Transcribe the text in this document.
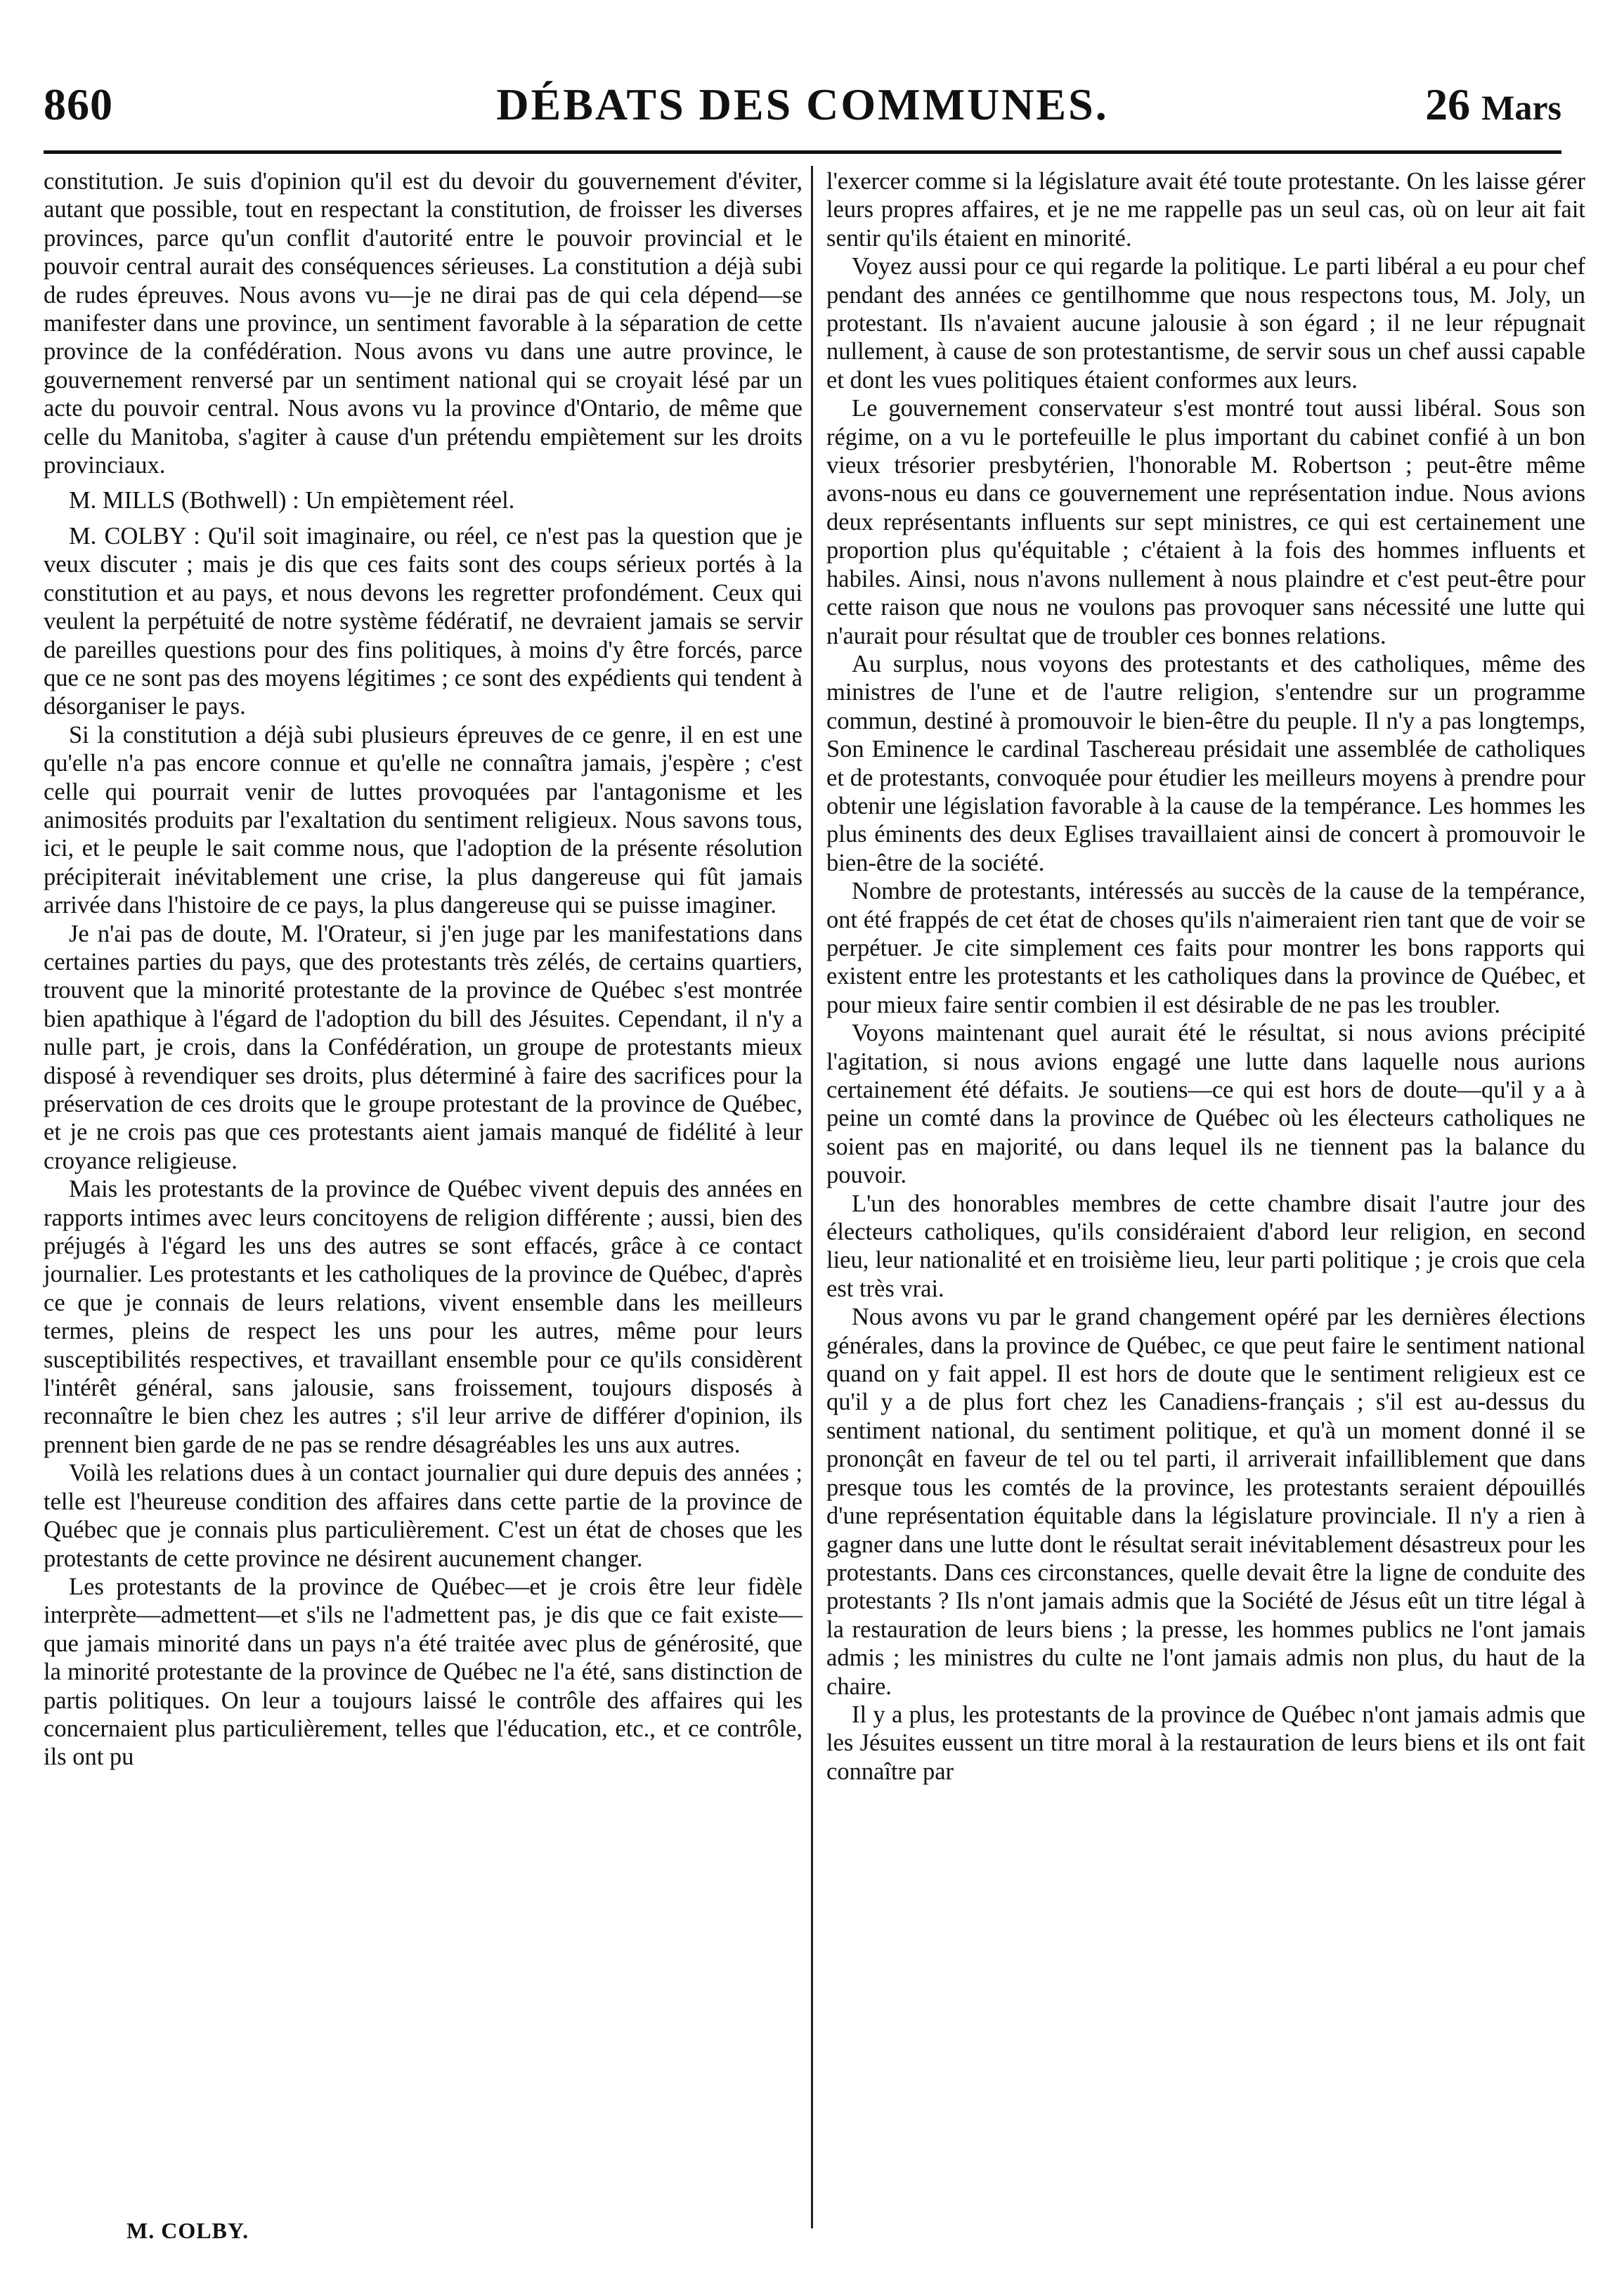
860	DÉBATS DES COMMUNES.	26 Mars

constitution. Je suis d'opinion qu'il est du devoir du gouvernement d'éviter, autant que possible, tout en respectant la constitution, de froisser les diverses provinces, parce qu'un conflit d'autorité entre le pouvoir provincial et le pouvoir central aurait des conséquences sérieuses. La constitution a déjà subi de rudes épreuves. Nous avons vu—je ne dirai pas de qui cela dépend—se manifester dans une province, un sentiment favorable à la séparation de cette province de la confédération. Nous avons vu dans une autre province, le gouvernement renversé par un sentiment national qui se croyait lésé par un acte du pouvoir central. Nous avons vu la province d'Ontario, de même que celle du Manitoba, s'agiter à cause d'un prétendu empiètement sur les droits provinciaux.

M. MILLS (Bothwell) : Un empiètement réel.

M. COLBY : Qu'il soit imaginaire, ou réel, ce n'est pas la question que je veux discuter ; mais je dis que ces faits sont des coups sérieux portés à la constitution et au pays, et nous devons les regretter profondément. Ceux qui veulent la perpétuité de notre système fédératif, ne devraient jamais se servir de pareilles questions pour des fins politiques, à moins d'y être forcés, parce que ce ne sont pas des moyens légitimes ; ce sont des expédients qui tendent à désorganiser le pays.

Si la constitution a déjà subi plusieurs épreuves de ce genre, il en est une qu'elle n'a pas encore connue et qu'elle ne connaîtra jamais, j'espère ; c'est celle qui pourrait venir de luttes provoquées par l'antagonisme et les animosités produits par l'exaltation du sentiment religieux. Nous savons tous, ici, et le peuple le sait comme nous, que l'adoption de la présente résolution précipiterait inévitablement une crise, la plus dangereuse qui fût jamais arrivée dans l'histoire de ce pays, la plus dangereuse qui se puisse imaginer.

Je n'ai pas de doute, M. l'Orateur, si j'en juge par les manifestations dans certaines parties du pays, que des protestants très zélés, de certains quartiers, trouvent que la minorité protestante de la province de Québec s'est montrée bien apathique à l'égard de l'adoption du bill des Jésuites. Cependant, il n'y a nulle part, je crois, dans la Confédération, un groupe de protestants mieux disposé à revendiquer ses droits, plus déterminé à faire des sacrifices pour la préservation de ces droits que le groupe protestant de la province de Québec, et je ne crois pas que ces protestants aient jamais manqué de fidélité à leur croyance religieuse.

Mais les protestants de la province de Québec vivent depuis des années en rapports intimes avec leurs concitoyens de religion différente ; aussi, bien des préjugés à l'égard les uns des autres se sont effacés, grâce à ce contact journalier. Les protestants et les catholiques de la province de Québec, d'après ce que je connais de leurs relations, vivent ensemble dans les meilleurs termes, pleins de respect les uns pour les autres, même pour leurs susceptibilités respectives, et travaillant ensemble pour ce qu'ils considèrent l'intérêt général, sans jalousie, sans froissement, toujours disposés à reconnaître le bien chez les autres ; s'il leur arrive de différer d'opinion, ils prennent bien garde de ne pas se rendre désagréables les uns aux autres.

Voilà les relations dues à un contact journalier qui dure depuis des années ; telle est l'heureuse condition des affaires dans cette partie de la province de Québec que je connais plus particulièrement. C'est un état de choses que les protestants de cette province ne désirent aucunement changer.

Les protestants de la province de Québec—et je crois être leur fidèle interprète—admettent—et s'ils ne l'admettent pas, je dis que ce fait existe—que jamais minorité dans un pays n'a été traitée avec plus de générosité, que la minorité protestante de la province de Québec ne l'a été, sans distinction de partis politiques. On leur a toujours laissé le contrôle des affaires qui les concernaient plus particulièrement, telles que l'éducation, etc., et ce contrôle, ils ont pu

l'exercer comme si la législature avait été toute protestante. On les laisse gérer leurs propres affaires, et je ne me rappelle pas un seul cas, où on leur ait fait sentir qu'ils étaient en minorité.

Voyez aussi pour ce qui regarde la politique. Le parti libéral a eu pour chef pendant des années ce gentilhomme que nous respectons tous, M. Joly, un protestant. Ils n'avaient aucune jalousie à son égard ; il ne leur répugnait nullement, à cause de son protestantisme, de servir sous un chef aussi capable et dont les vues politiques étaient conformes aux leurs.

Le gouvernement conservateur s'est montré tout aussi libéral. Sous son régime, on a vu le portefeuille le plus important du cabinet confié à un bon vieux trésorier presbytérien, l'honorable M. Robertson ; peut-être même avons-nous eu dans ce gouvernement une représentation indue. Nous avions deux représentants influents sur sept ministres, ce qui est certainement une proportion plus qu'équitable ; c'étaient à la fois des hommes influents et habiles. Ainsi, nous n'avons nullement à nous plaindre et c'est peut-être pour cette raison que nous ne voulons pas provoquer sans nécessité une lutte qui n'aurait pour résultat que de troubler ces bonnes relations.

Au surplus, nous voyons des protestants et des catholiques, même des ministres de l'une et de l'autre religion, s'entendre sur un programme commun, destiné à promouvoir le bien-être du peuple. Il n'y a pas longtemps, Son Eminence le cardinal Taschereau présidait une assemblée de catholiques et de protestants, convoquée pour étudier les meilleurs moyens à prendre pour obtenir une législation favorable à la cause de la tempérance. Les hommes les plus éminents des deux Eglises travaillaient ainsi de concert à promouvoir le bien-être de la société.

Nombre de protestants, intéressés au succès de la cause de la tempérance, ont été frappés de cet état de choses qu'ils n'aimeraient rien tant que de voir se perpétuer. Je cite simplement ces faits pour montrer les bons rapports qui existent entre les protestants et les catholiques dans la province de Québec, et pour mieux faire sentir combien il est désirable de ne pas les troubler.

Voyons maintenant quel aurait été le résultat, si nous avions précipité l'agitation, si nous avions engagé une lutte dans laquelle nous aurions certainement été défaits. Je soutiens—ce qui est hors de doute—qu'il y a à peine un comté dans la province de Québec où les électeurs catholiques ne soient pas en majorité, ou dans lequel ils ne tiennent pas la balance du pouvoir.

L'un des honorables membres de cette chambre disait l'autre jour des électeurs catholiques, qu'ils considéraient d'abord leur religion, en second lieu, leur nationalité et en troisième lieu, leur parti politique ; je crois que cela est très vrai.

Nous avons vu par le grand changement opéré par les dernières élections générales, dans la province de Québec, ce que peut faire le sentiment national quand on y fait appel. Il est hors de doute que le sentiment religieux est ce qu'il y a de plus fort chez les Canadiens-français ; s'il est au-dessus du sentiment national, du sentiment politique, et qu'à un moment donné il se prononçât en faveur de tel ou tel parti, il arriverait infailliblement que dans presque tous les comtés de la province, les protestants seraient dépouillés d'une représentation équitable dans la législature provinciale. Il n'y a rien à gagner dans une lutte dont le résultat serait inévitablement désastreux pour les protestants. Dans ces circonstances, quelle devait être la ligne de conduite des protestants ? Ils n'ont jamais admis que la Société de Jésus eût un titre légal à la restauration de leurs biens ; la presse, les hommes publics ne l'ont jamais admis ; les ministres du culte ne l'ont jamais admis non plus, du haut de la chaire.

Il y a plus, les protestants de la province de Québec n'ont jamais admis que les Jésuites eussent un titre moral à la restauration de leurs biens et ils ont fait connaître par

M. COLBY.
